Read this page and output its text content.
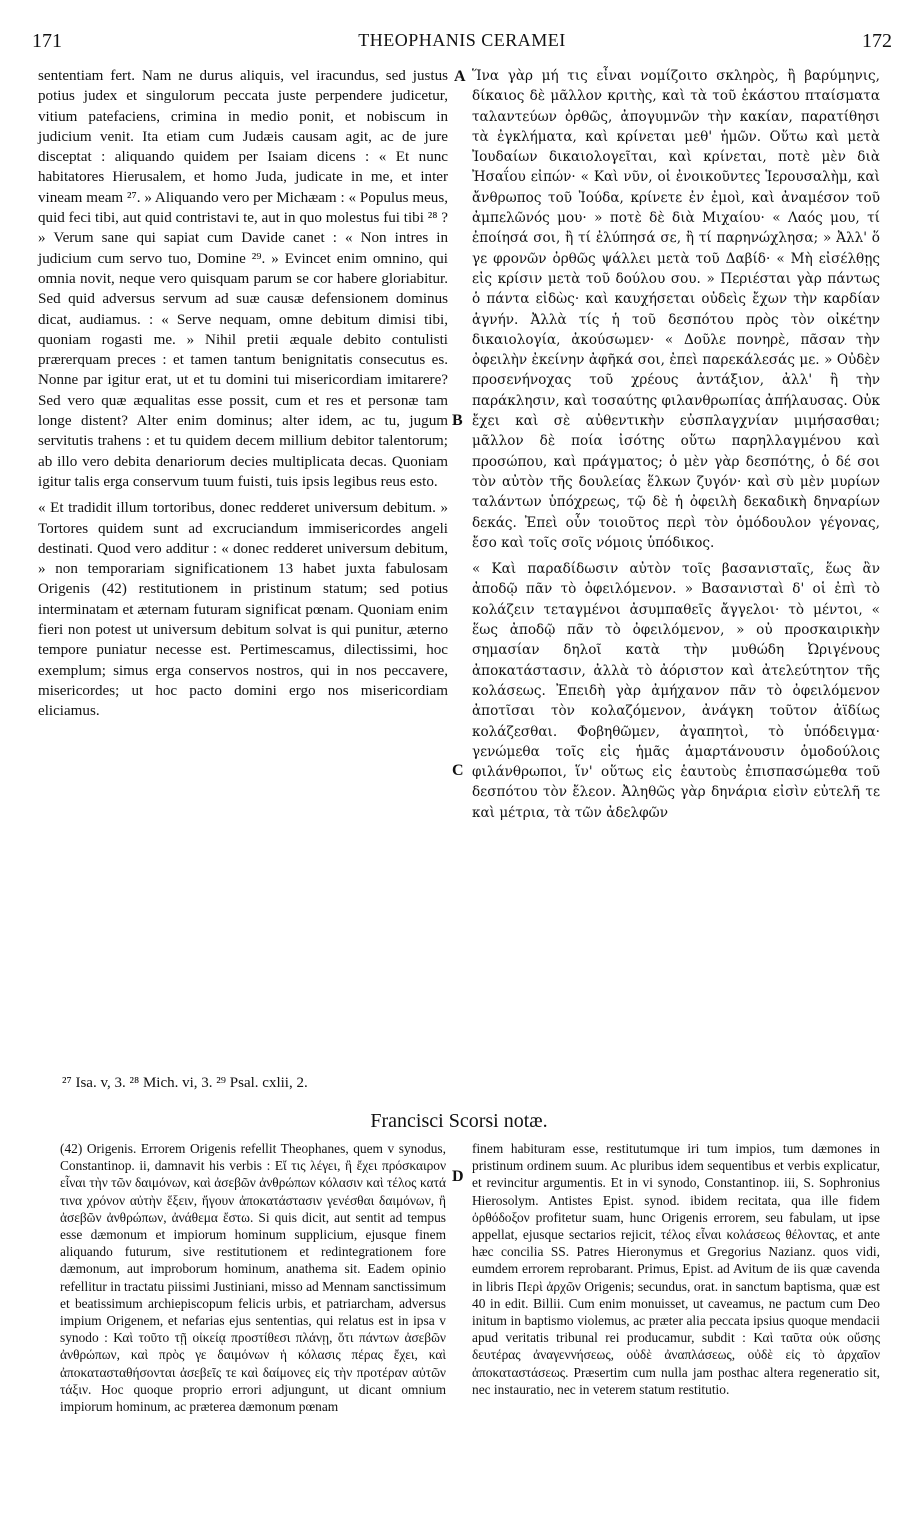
171	THEOPHANIS CERAMEI	172

sententiam fert. Nam ne durus aliquis, vel iracundus, sed justus potius judex et singulorum peccata juste perpendere judicetur, vitium patefaciens, crimina in medio ponit, et nobiscum in judicium venit. Ita etiam cum Judæis causam agit, ac de jure disceptat : aliquando quidem per Isaiam dicens : « Et nunc habitatores Hierusalem, et homo Juda, judicate in me, et inter vineam meam ²⁷. » Aliquando vero per Michæam : « Populus meus, quid feci tibi, aut quid contristavi te, aut in quo molestus fui tibi ²⁸ ? » Verum sane qui sapiat cum Davide canet : « Non intres in judicium cum servo tuo, Domine ²⁹. » Evincet enim omnino, qui omnia novit, neque vero quisquam parum se cor habere gloriabitur. Sed quid adversus servum ad suæ causæ defensionem dominus dicat, audiamus. : « Serve nequam, omne debitum dimisi tibi, quoniam rogasti me. » Nihil pretii æquale debito contulisti prærerquam preces : et tamen tantum benignitatis consecutus es. Nonne par igitur erat, ut et tu domini tui misericordiam imitarere? Sed vero quæ æqualitas esse possit, cum et res et personæ tam longe distent? Alter enim dominus; alter idem, ac tu, jugum servitutis trahens : et tu quidem decem millium debitor talentorum; ab illo vero debita denariorum decies multiplicata decas. Quoniam igitur talis erga conservum tuum fuisti, tuis ipsis legibus reus esto.

« Et tradidit illum tortoribus, donec redderet universum debitum. » Tortores quidem sunt ad excruciandum immisericordes angeli destinati. Quod vero additur : « donec redderet universum debitum, » non temporariam significationem 13 habet juxta fabulosam Origenis (42) restitutionem in pristinum statum; sed potius interminatam et æternam futuram significat pœnam. Quoniam enim fieri non potest ut universum debitum solvat is qui punitur, æterno tempore puniatur necesse est. Pertimescamus, dilectissimi, hoc exemplum; simus erga conservos nostros, qui in nos peccavere, misericordes; ut hoc pacto domini ergo nos misericordiam eliciamus.

A
B
C
D

Ἵνα γὰρ μή τις εἶναι νομίζοιτο σκληρὸς, ἢ βαρύμηνις, δίκαιος δὲ μᾶλλον κριτὴς, καὶ τὰ τοῦ ἑκάστου πταίσματα ταλαντεύων ὀρθῶς, ἀπογυμνῶν τὴν κακίαν, παρατίθησι τὰ ἐγκλήματα, καὶ κρίνεται μεθ' ἡμῶν. Οὕτω καὶ μετὰ Ἰουδαίων δικαιολογεῖται, καὶ κρίνεται, ποτὲ μὲν διὰ Ἠσαΐου εἰπών· « Καὶ νῦν, οἱ ἐνοικοῦντες Ἱερουσαλὴμ, καὶ ἄνθρωπος τοῦ Ἰούδα, κρίνετε ἐν ἐμοὶ, καὶ ἀναμέσον τοῦ ἀμπελῶνός μου· » ποτὲ δὲ διὰ Μιχαίου· « Λαός μου, τί ἐποίησά σοι, ἢ τί ἐλύπησά σε, ἢ τί παρηνώχλησα; » Ἀλλ' ὅ γε φρονῶν ὀρθῶς ψάλλει μετὰ τοῦ Δαβίδ· « Μὴ εἰσέλθῃς εἰς κρίσιν μετὰ τοῦ δούλου σου. » Περιέσται γὰρ πάντως ὁ πάντα εἰδὼς· καὶ καυχήσεται οὐδεὶς ἔχων τὴν καρδίαν ἁγνήν. Ἀλλὰ τίς ἡ τοῦ δεσπότου πρὸς τὸν οἰκέτην δικαιολογία, ἀκούσωμεν· « Δοῦλε πονηρὲ, πᾶσαν τὴν ὀφειλὴν ἐκείνην ἀφῆκά σοι, ἐπεὶ παρεκάλεσάς με. » Οὐδὲν προσενήνοχας τοῦ χρέους ἀντάξιον, ἀλλ' ἢ τὴν παράκλησιν, καὶ τοσαύτης φιλανθρωπίας ἀπήλαυσας. Οὐκ ἔχει καὶ σὲ αὐθεντικὴν εὐσπλαγχνίαν μιμήσασθαι; μᾶλλον δὲ ποία ἰσότης οὕτω παρηλλαγμένου καὶ προσώπου, καὶ πράγματος; ὁ μὲν γὰρ δεσπότης, ὁ δέ σοι τὸν αὐτὸν τῆς δουλείας ἕλκων ζυγόν· καὶ σὺ μὲν μυρίων ταλάντων ὑπόχρεως, τῷ δὲ ἡ ὀφειλὴ δεκαδικὴ δηναρίων δεκάς. Ἐπεὶ οὖν τοιοῦτος περὶ τὸν ὁμόδουλον γέγονας, ἔσο καὶ τοῖς σοῖς νόμοις ὑπόδικος.

« Καὶ παραδίδωσιν αὐτὸν τοῖς βασανισταῖς, ἕως ἂν ἀποδῷ πᾶν τὸ ὀφειλόμενον. » Βασανισταὶ δ' οἱ ἐπὶ τὸ κολάζειν τεταγμένοι ἀσυμπαθεῖς ἄγγελοι· τὸ μέντοι, « ἕως ἀποδῷ πᾶν τὸ ὀφειλόμενον, » οὐ προσκαιρικὴν σημασίαν δηλοῖ κατὰ τὴν μυθώδη Ὠριγένους ἀποκατάστασιν, ἀλλὰ τὸ ἀόριστον καὶ ἀτελεύτητον τῆς κολάσεως. Ἐπειδὴ γὰρ ἀμήχανον πᾶν τὸ ὀφειλόμενον ἀποτῖσαι τὸν κολαζόμενον, ἀνάγκη τοῦτον ἀϊδίως κολάζεσθαι. Φοβηθῶμεν, ἀγαπητοὶ, τὸ ὑπόδειγμα· γενώμεθα τοῖς εἰς ἡμᾶς ἁμαρτάνουσιν ὁμοδούλοις φιλάνθρωποι, ἵν' οὕτως εἰς ἑαυτοὺς ἐπισπασώμεθα τοῦ δεσπότου τὸν ἔλεον. Ἀληθῶς γὰρ δηνάρια εἰσὶν εὐτελῆ τε καὶ μέτρια, τὰ τῶν ἀδελφῶν

²⁷ Isa. v, 3. ²⁸ Mich. vi, 3. ²⁹ Psal. cxlii, 2.
Francisci Scorsi notæ.

(42) Origenis. Errorem Origenis refellit Theophanes, quem v synodus, Constantinop. ii, damnavit his verbis : Εἴ τις λέγει, ἢ ἔχει πρόσκαιρον εἶναι τὴν τῶν δαιμόνων, καὶ ἀσεβῶν ἀνθρώπων κόλασιν καὶ τέλος κατά τινα χρόνον αὐτὴν ἕξειν, ἤγουν ἀποκατάστασιν γενέσθαι δαιμόνων, ἢ ἀσεβῶν ἀνθρώπων, ἀνάθεμα ἔστω. Si quis dicit, aut sentit ad tempus esse dæmonum et impiorum hominum supplicium, ejusque finem aliquando futurum, sive restitutionem et redintegrationem fore dæmonum, aut improborum hominum, anathema sit. Eadem opinio refellitur in tractatu piissimi Justiniani, misso ad Mennam sanctissimum et beatissimum archiepiscopum felicis urbis, et patriarcham, adversus impium Origenem, et nefarias ejus sententias, qui relatus est in ipsa v synodo : Καὶ τοῦτο τῇ οἰκείᾳ προστίθεσι πλάνῃ, ὅτι πάντων ἀσεβῶν ἀνθρώπων, καὶ πρὸς γε δαιμόνων ἡ κόλασις πέρας ἔχει, καὶ ἀποκατασταθήσονται ἀσεβεῖς τε καὶ δαίμονες εἰς τὴν προτέραν αὐτῶν τάξιν. Hoc quoque proprio errori adjungunt, ut dicant omnium impiorum hominum, ac præterea dæmonum pœnam

finem habituram esse, restitutumque iri tum impios, tum dæmones in pristinum ordinem suum. Ac pluribus idem sequentibus et verbis explicatur, et revincitur argumentis. Et in vi synodo, Constantinop. iii, S. Sophronius Hierosolym. Antistes Epist. synod. ibidem recitata, qua ille fidem ὀρθόδοξον profitetur suam, hunc Origenis errorem, seu fabulam, ut ipse appellat, ejusque sectarios rejicit, τέλος εἶναι κολάσεως θέλοντας, et ante hæc concilia SS. Patres Hieronymus et Gregorius Nazianz. quos vidi, eumdem errorem reprobarant. Primus, Epist. ad Avitum de iis quæ cavenda in libris Περὶ ἀρχῶν Origenis; secundus, orat. in sanctum baptisma, quæ est 40 in edit. Billii. Cum enim monuisset, ut caveamus, ne pactum cum Deo initum in baptismo violemus, ac præter alia peccata ipsius quoque mendacii apud veritatis tribunal rei producamur, subdit : Καὶ ταῦτα οὐκ οὔσης δευτέρας ἀναγεννήσεως, οὐδὲ ἀναπλάσεως, οὐδὲ εἰς τὸ ἀρχαῖον ἀποκαταστάσεως. Præsertim cum nulla jam posthac altera regeneratio sit, nec instauratio, nec in veterem statum restitutio.
